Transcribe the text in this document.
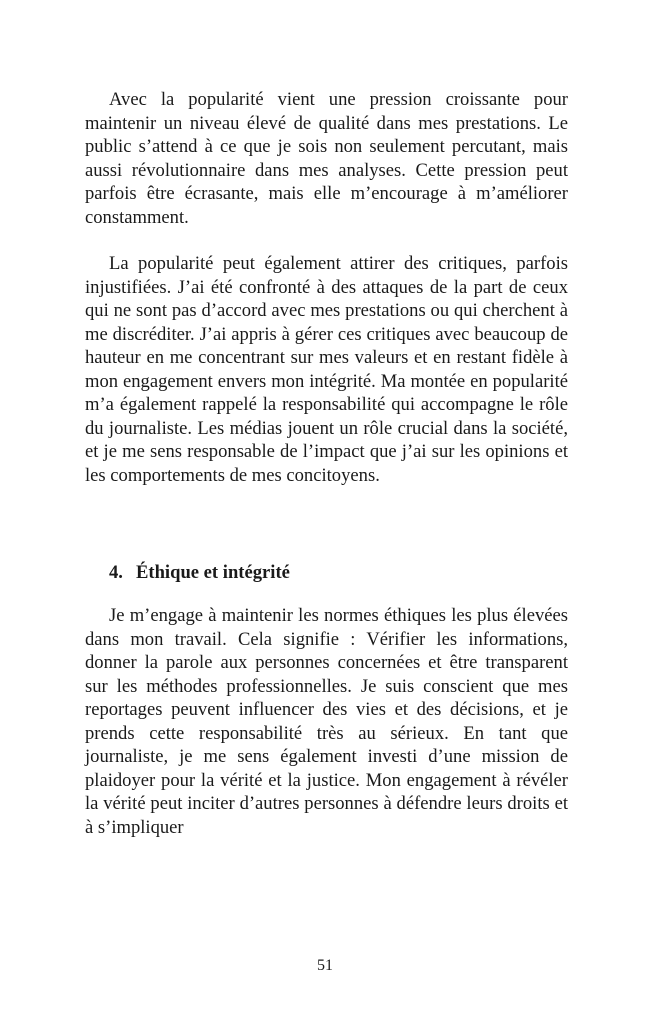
Avec la popularité vient une pression croissante pour maintenir un niveau élevé de qualité dans mes prestations. Le public s’attend à ce que je sois non seulement percutant, mais aussi révolutionnaire dans mes analyses. Cette pression peut parfois être écrasante, mais elle m’encourage à m’améliorer constamment.

La popularité peut également attirer des critiques, parfois injustifiées. J’ai été confronté à des attaques de la part de ceux qui ne sont pas d’accord avec mes prestations ou qui cherchent à me discréditer. J’ai appris à gérer ces critiques avec beaucoup de hauteur en me concentrant sur mes valeurs et en restant fidèle à mon engagement envers mon intégrité. Ma montée en popularité m’a également rappelé la responsabilité qui accompagne le rôle du journaliste. Les médias jouent un rôle crucial dans la société, et je me sens responsable de l’impact que j’ai sur les opinions et les comportements de mes concitoyens.

4. Éthique et intégrité

Je m’engage à maintenir les normes éthiques les plus élevées dans mon travail. Cela signifie : Vérifier les informations, donner la parole aux personnes concernées et être transparent sur les méthodes professionnelles. Je suis conscient que mes reportages peuvent influencer des vies et des décisions, et je prends cette responsabilité très au sérieux. En tant que journaliste, je me sens également investi d’une mission de plaidoyer pour la vérité et la justice. Mon engagement à révéler la vérité peut inciter d’autres personnes à défendre leurs droits et à s’impliquer

51
